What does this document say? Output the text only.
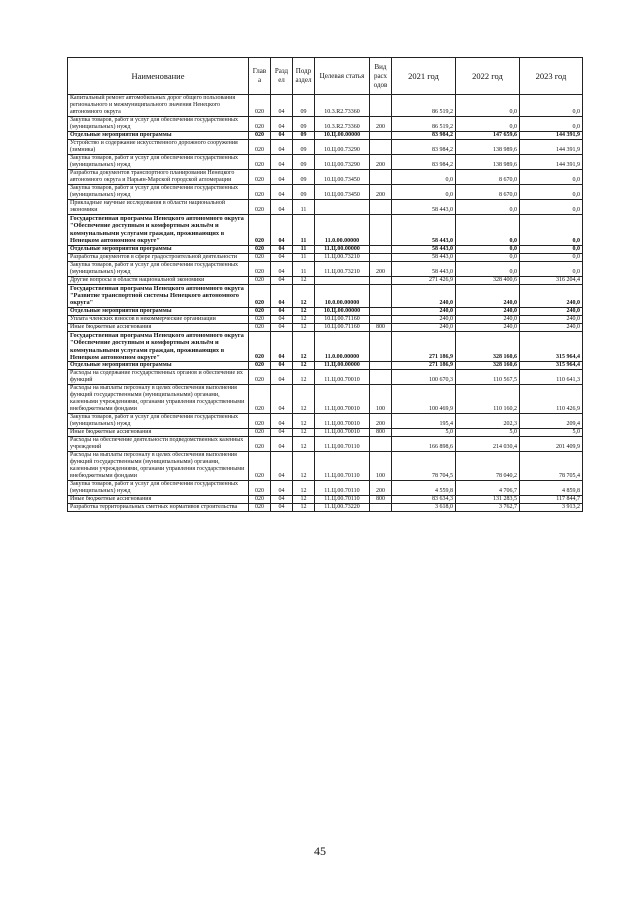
Наименование	Глав а	Разд ел	Подр аздел	Целевая статья	Вид расх одов	2021 год	2022 год	2023 год
Капитальный ремонт автомобильных дорог общего пользования регионального и межмуниципального значения Ненецкого автономного округа	020	04	09	10.3.R2.73360		86 519,2	0,0	0,0
Закупка товаров, работ и услуг для обеспечения государственных (муниципальных) нужд	020	04	09	10.3.R2.73360	200	86 519,2	0,0	0,0
Отдельные мероприятия программы	020	04	09	10.Ц.00.00000		83 984,2	147 659,6	144 391,9
Устройство и содержание искусственного дорожного сооружения (зимника)	020	04	09	10.Ц.00.73290		83 984,2	138 989,6	144 391,9
Закупка товаров, работ и услуг для обеспечения государственных (муниципальных) нужд	020	04	09	10.Ц.00.73290	200	83 984,2	138 989,6	144 391,9
Разработка документов транспортного планирования Ненецкого автономного округа и Нарьян-Марской городской агломерации	020	04	09	10.Ц.00.73450		0,0	8 670,0	0,0
Закупка товаров, работ и услуг для обеспечения государственных (муниципальных) нужд	020	04	09	10.Ц.00.73450	200	0,0	8 670,0	0,0
Прикладные научные исследования в области национальной экономики	020	04	11			58 443,0	0,0	0,0
Государственная программа Ненецкого автономного округа "Обеспечение доступным и комфортным жильём и коммунальными услугами граждан, проживающих в Ненецком автономном округе"	020	04	11	11.0.00.00000		58 443,0	0,0	0,0
Отдельные мероприятия программы	020	04	11	11.Ц.00.00000		58 443,0	0,0	0,0
Разработка документов в сфере градостроительной деятельности	020	04	11	11.Ц.00.73210		58 443,0	0,0	0,0
Закупка товаров, работ и услуг для обеспечения государственных (муниципальных) нужд	020	04	11	11.Ц.00.73210	200	58 443,0	0,0	0,0
Другие вопросы в области национальной экономики	020	04	12			271 426,9	328 400,6	316 204,4
Государственная программа Ненецкого автономного округа "Развитие транспортной системы Ненецкого автономного округа"	020	04	12	10.0.00.00000		240,0	240,0	240,0
Отдельные мероприятия программы	020	04	12	10.Ц.00.00000		240,0	240,0	240,0
Уплата членских взносов в некоммерческие организации	020	04	12	10.Ц.00.71160		240,0	240,0	240,0
Иные бюджетные ассигнования	020	04	12	10.Ц.00.71160	800	240,0	240,0	240,0
Государственная программа Ненецкого автономного округа "Обеспечение доступным и комфортным жильём и коммунальными услугами граждан, проживающих в Ненецком автономном округе"	020	04	12	11.0.00.00000		271 186,9	328 160,6	315 964,4
Отдельные мероприятия программы	020	04	12	11.Ц.00.00000		271 186,9	328 160,6	315 964,4
Расходы на содержание государственных органов и обеспечение их функций	020	04	12	11.Ц.00.70010		100 670,3	110 567,5	110 641,3
Расходы на выплаты персоналу в целях обеспечения выполнения функций государственными (муниципальными) органами, казенными учреждениями, органами управления государственными внебюджетными фондами	020	04	12	11.Ц.00.70010	100	100 469,9	110 160,2	110 426,9
Закупка товаров, работ и услуг для обеспечения государственных (муниципальных) нужд	020	04	12	11.Ц.00.70010	200	195,4	202,3	209,4
Иные бюджетные ассигнования	020	04	12	11.Ц.00.70010	800	5,0	5,0	5,0
Расходы на обеспечение деятельности подведомственных казенных учреждений	020	04	12	11.Ц.00.70110		166 898,6	214 030,4	201 409,9
Расходы на выплаты персоналу в целях обеспечения выполнения функций государственными (муниципальными) органами, казенными учреждениями, органами управления государственными внебюджетными фондами	020	04	12	11.Ц.00.70110	100	78 704,5	78 040,2	78 705,4
Закупка товаров, работ и услуг для обеспечения государственных (муниципальных) нужд	020	04	12	11.Ц.00.70110	200	4 559,8	4 706,7	4 859,8
Иные бюджетные ассигнования	020	04	12	11.Ц.00.70110	800	83 634,3	131 283,5	117 844,7
Разработка территориальных сметных нормативов строительства	020	04	12	11.Ц.00.73220		3 618,0	3 762,7	3 913,2
45
